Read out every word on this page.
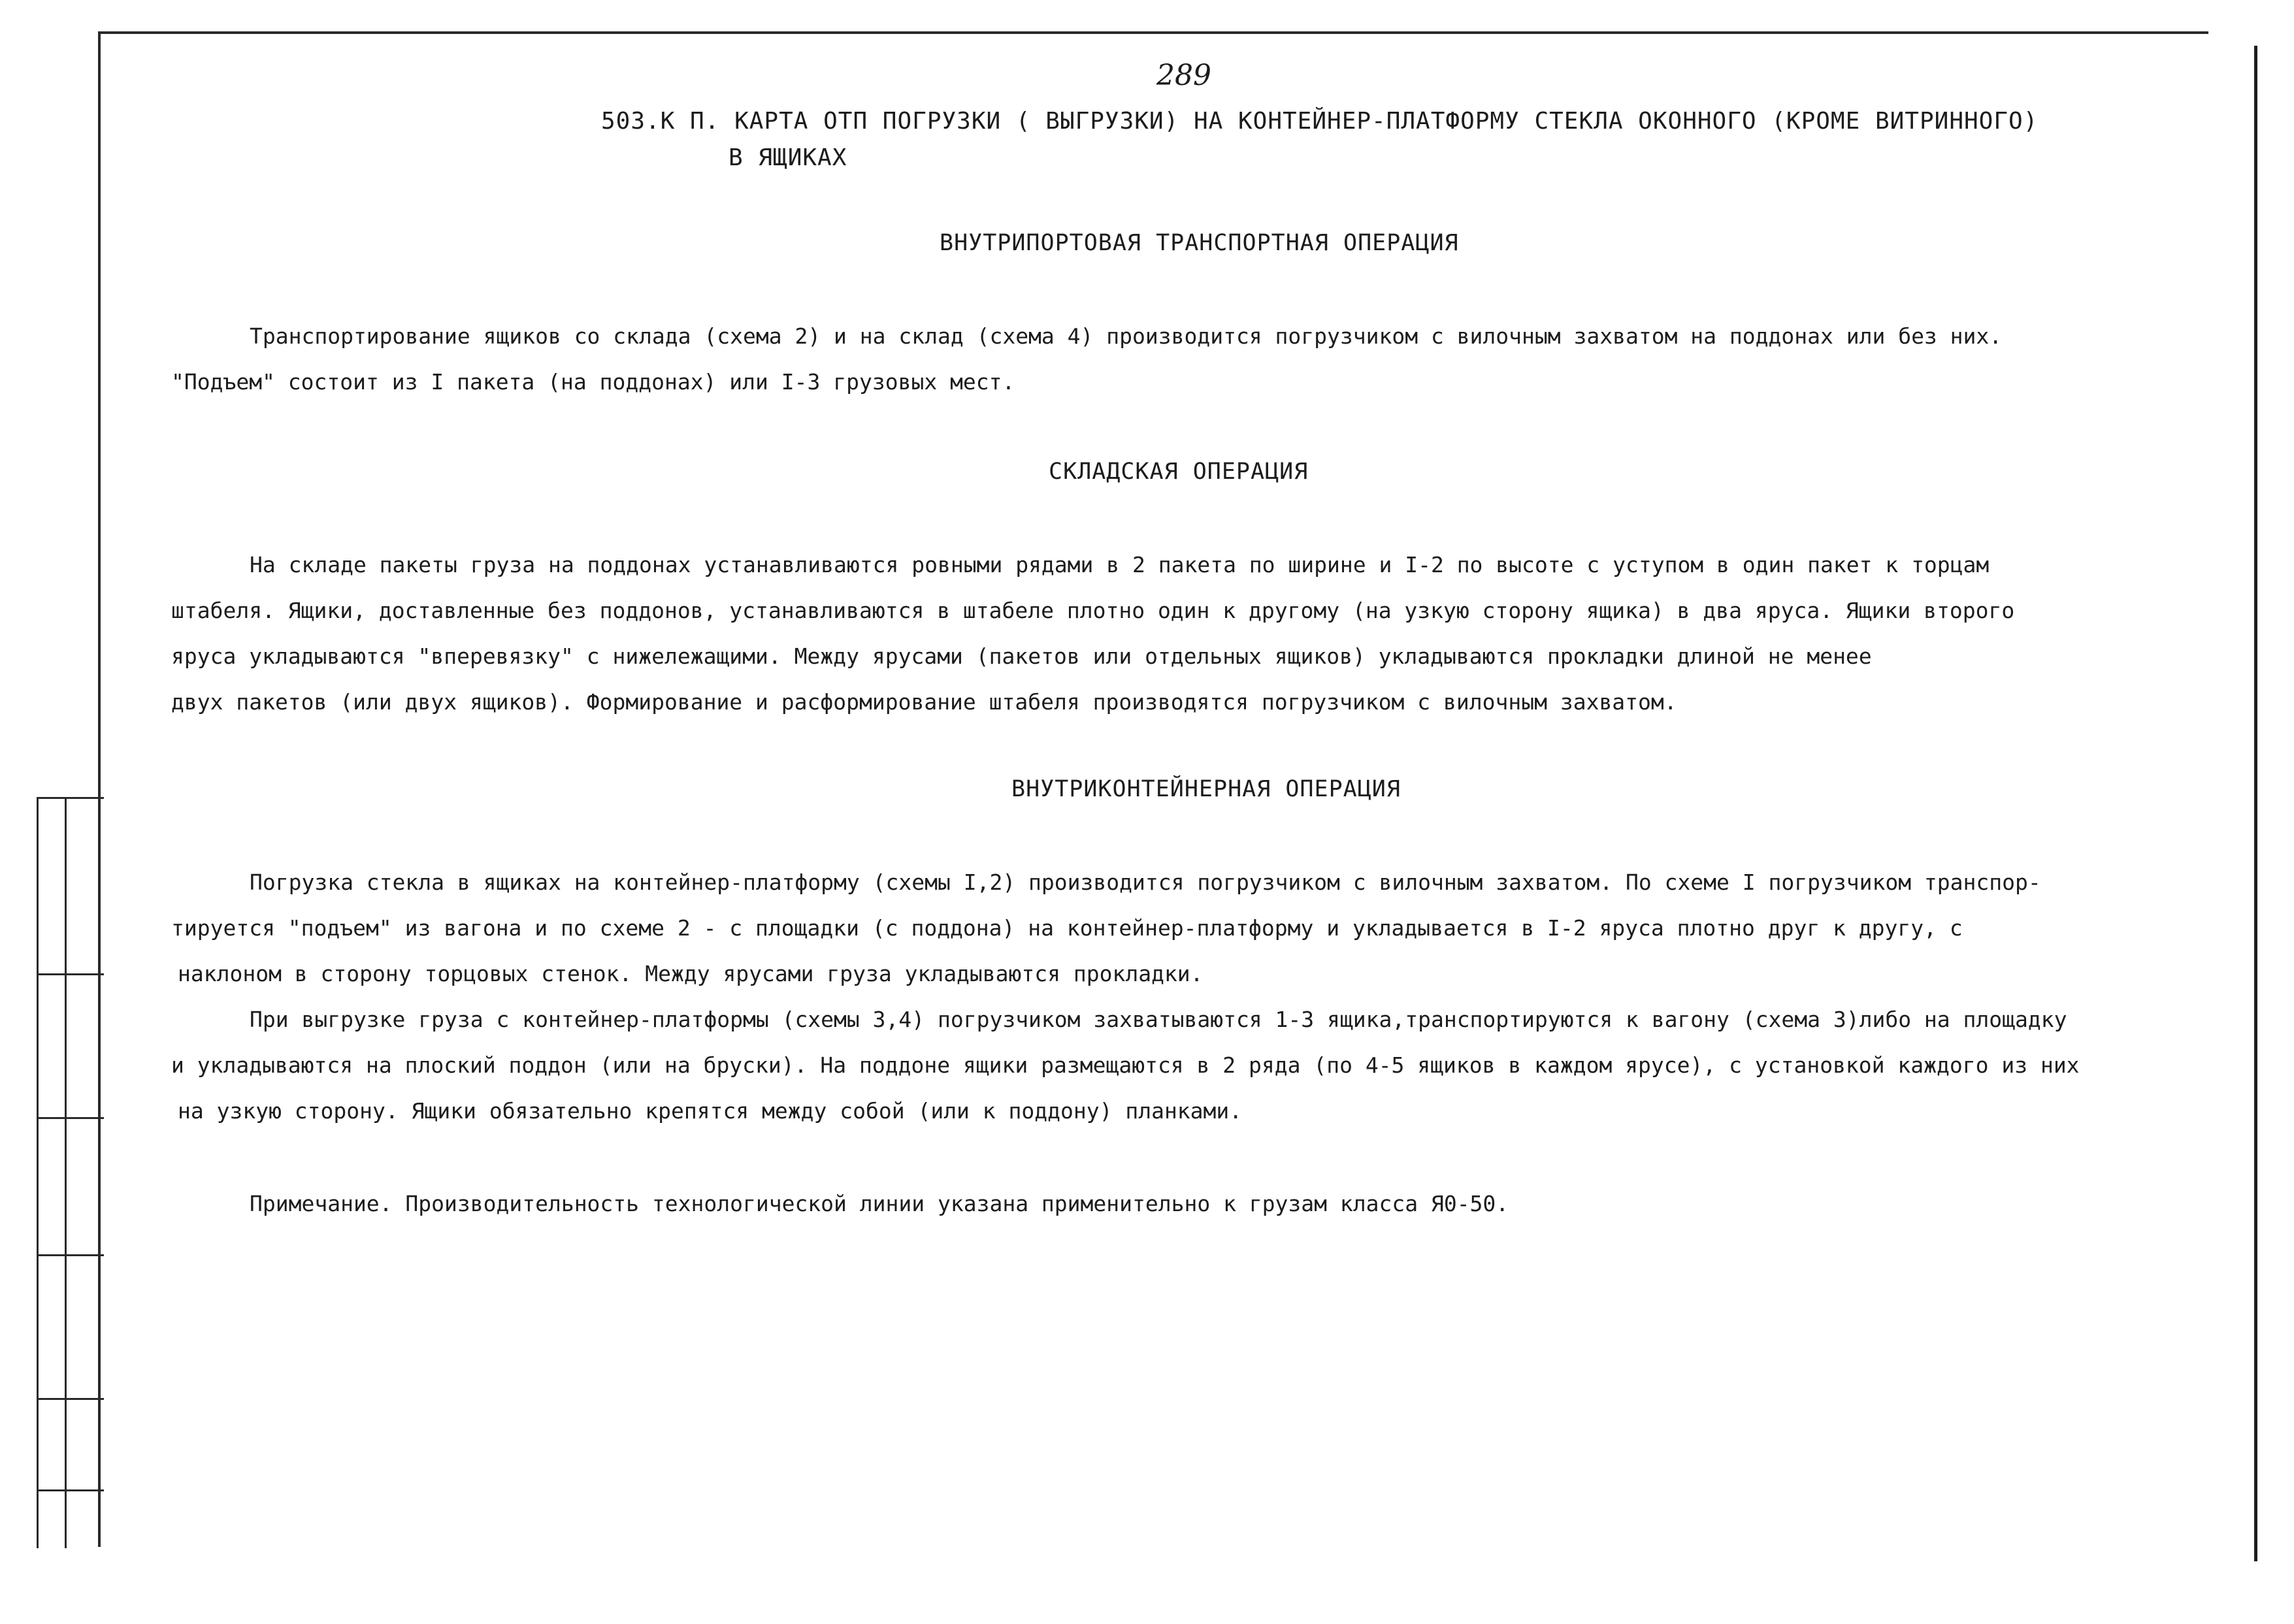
289
503.К П. КАРТА ОТП ПОГРУЗКИ ( ВЫГРУЗКИ) НА КОНТЕЙНЕР-ПЛАТФОРМУ СТЕКЛА ОКОННОГО (КРОМЕ ВИТРИННОГО)
В ЯЩИКАХ
ВНУТРИПОРТОВАЯ ТРАНСПОРТНАЯ ОПЕРАЦИЯ
Транспортирование ящиков со склада (схема 2) и на склад (схема 4) производится погрузчиком с вилочным захватом на поддонах или без них.
"Подъем" состоит из I пакета (на поддонах) или I-3 грузовых мест.
СКЛАДСКАЯ ОПЕРАЦИЯ
На складе пакеты груза на поддонах устанавливаются ровными рядами в 2 пакета по ширине и I-2 по высоте с уступом в один пакет к торцам
штабеля. Ящики, доставленные без поддонов, устанавливаются в штабеле плотно один к другому (на узкую сторону ящика) в два яруса. Ящики второго
яруса укладываются "вперевязку" с нижележащими. Между ярусами (пакетов или отдельных ящиков) укладываются прокладки длиной не менее
двух пакетов (или двух ящиков). Формирование и расформирование штабеля производятся погрузчиком с вилочным захватом.
ВНУТРИКОНТЕЙНЕРНАЯ ОПЕРАЦИЯ
Погрузка стекла в ящиках на контейнер-платформу (схемы I,2) производится погрузчиком с вилочным захватом. По схеме I погрузчиком транспор-
тируется "подъем" из вагона и по схеме 2 - с площадки (с поддона) на контейнер-платформу и укладывается в I-2 яруса плотно друг к другу, с
наклоном в сторону торцовых стенок. Между ярусами груза укладываются прокладки.
При выгрузке груза с контейнер-платформы (схемы 3,4) погрузчиком захватываются 1-3 ящика,транспортируются к вагону (схема 3)либо на площадку
и укладываются на плоский поддон (или на бруски). На поддоне ящики размещаются в 2 ряда (по 4-5 ящиков в каждом ярусе), с установкой каждого из них
на узкую сторону. Ящики обязательно крепятся между собой (или к поддону) планками.
Примечание. Производительность технологической линии указана применительно к грузам класса Я0-50.
